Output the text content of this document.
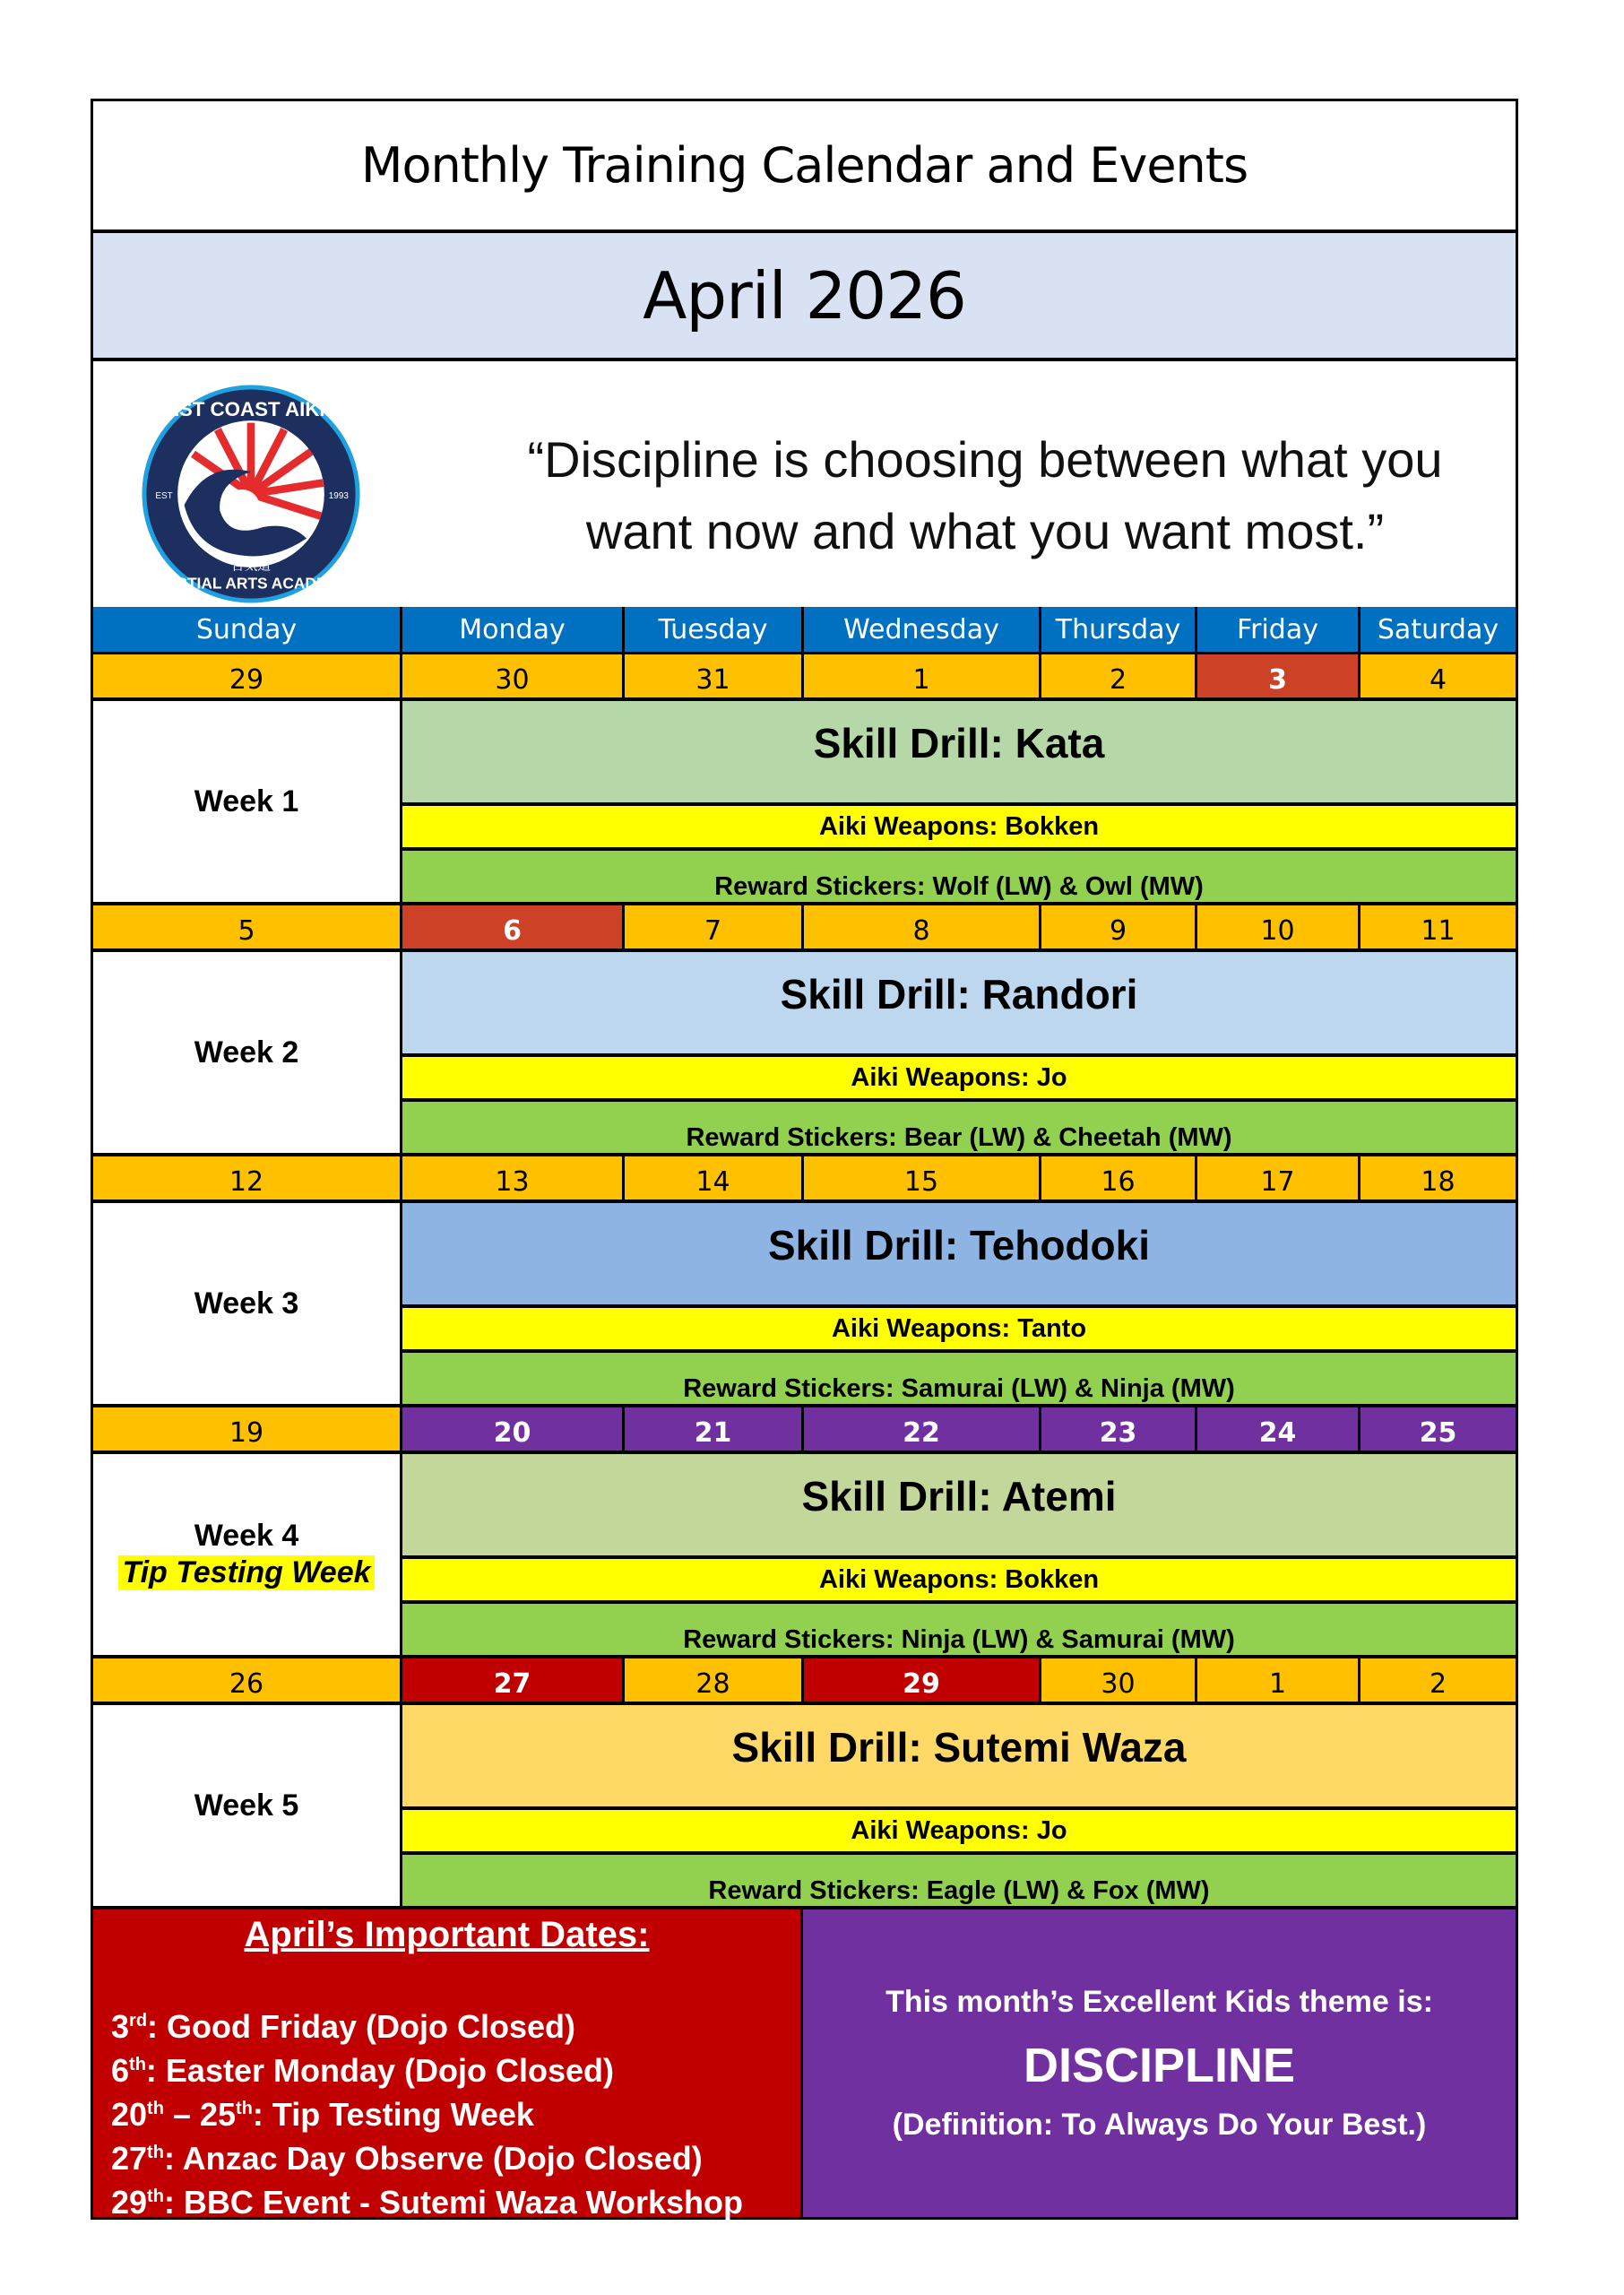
Monthly Training Calendar and Events
April 2026
WEST COAST AIKIDO
MARTIAL ARTS ACADEMY
EST	1993
合気道
“Discipline is choosing between what you want now and what you want most.”
Sunday	Monday	Tuesday	Wednesday	Thursday	Friday	Saturday
29	30	31	1	2	3	4
Week 1
Skill Drill: Kata
Aiki Weapons: Bokken
Reward Stickers: Wolf (LW) & Owl (MW)
5	6	7	8	9	10	11
Week 2
Skill Drill: Randori
Aiki Weapons: Jo
Reward Stickers: Bear (LW) & Cheetah (MW)
12	13	14	15	16	17	18
Week 3
Skill Drill: Tehodoki
Aiki Weapons: Tanto
Reward Stickers: Samurai (LW) & Ninja (MW)
19	20	21	22	23	24	25
Week 4
Tip Testing Week
Skill Drill: Atemi
Aiki Weapons: Bokken
Reward Stickers: Ninja (LW) & Samurai (MW)
26	27	28	29	30	1	2
Week 5
Skill Drill: Sutemi Waza
Aiki Weapons: Jo
Reward Stickers: Eagle (LW) & Fox (MW)
April’s Important Dates:
3rd: Good Friday (Dojo Closed)
6th: Easter Monday (Dojo Closed)
20th – 25th: Tip Testing Week
27th: Anzac Day Observe (Dojo Closed)
29th: BBC Event - Sutemi Waza Workshop
This month’s Excellent Kids theme is:
DISCIPLINE
(Definition: To Always Do Your Best.)
